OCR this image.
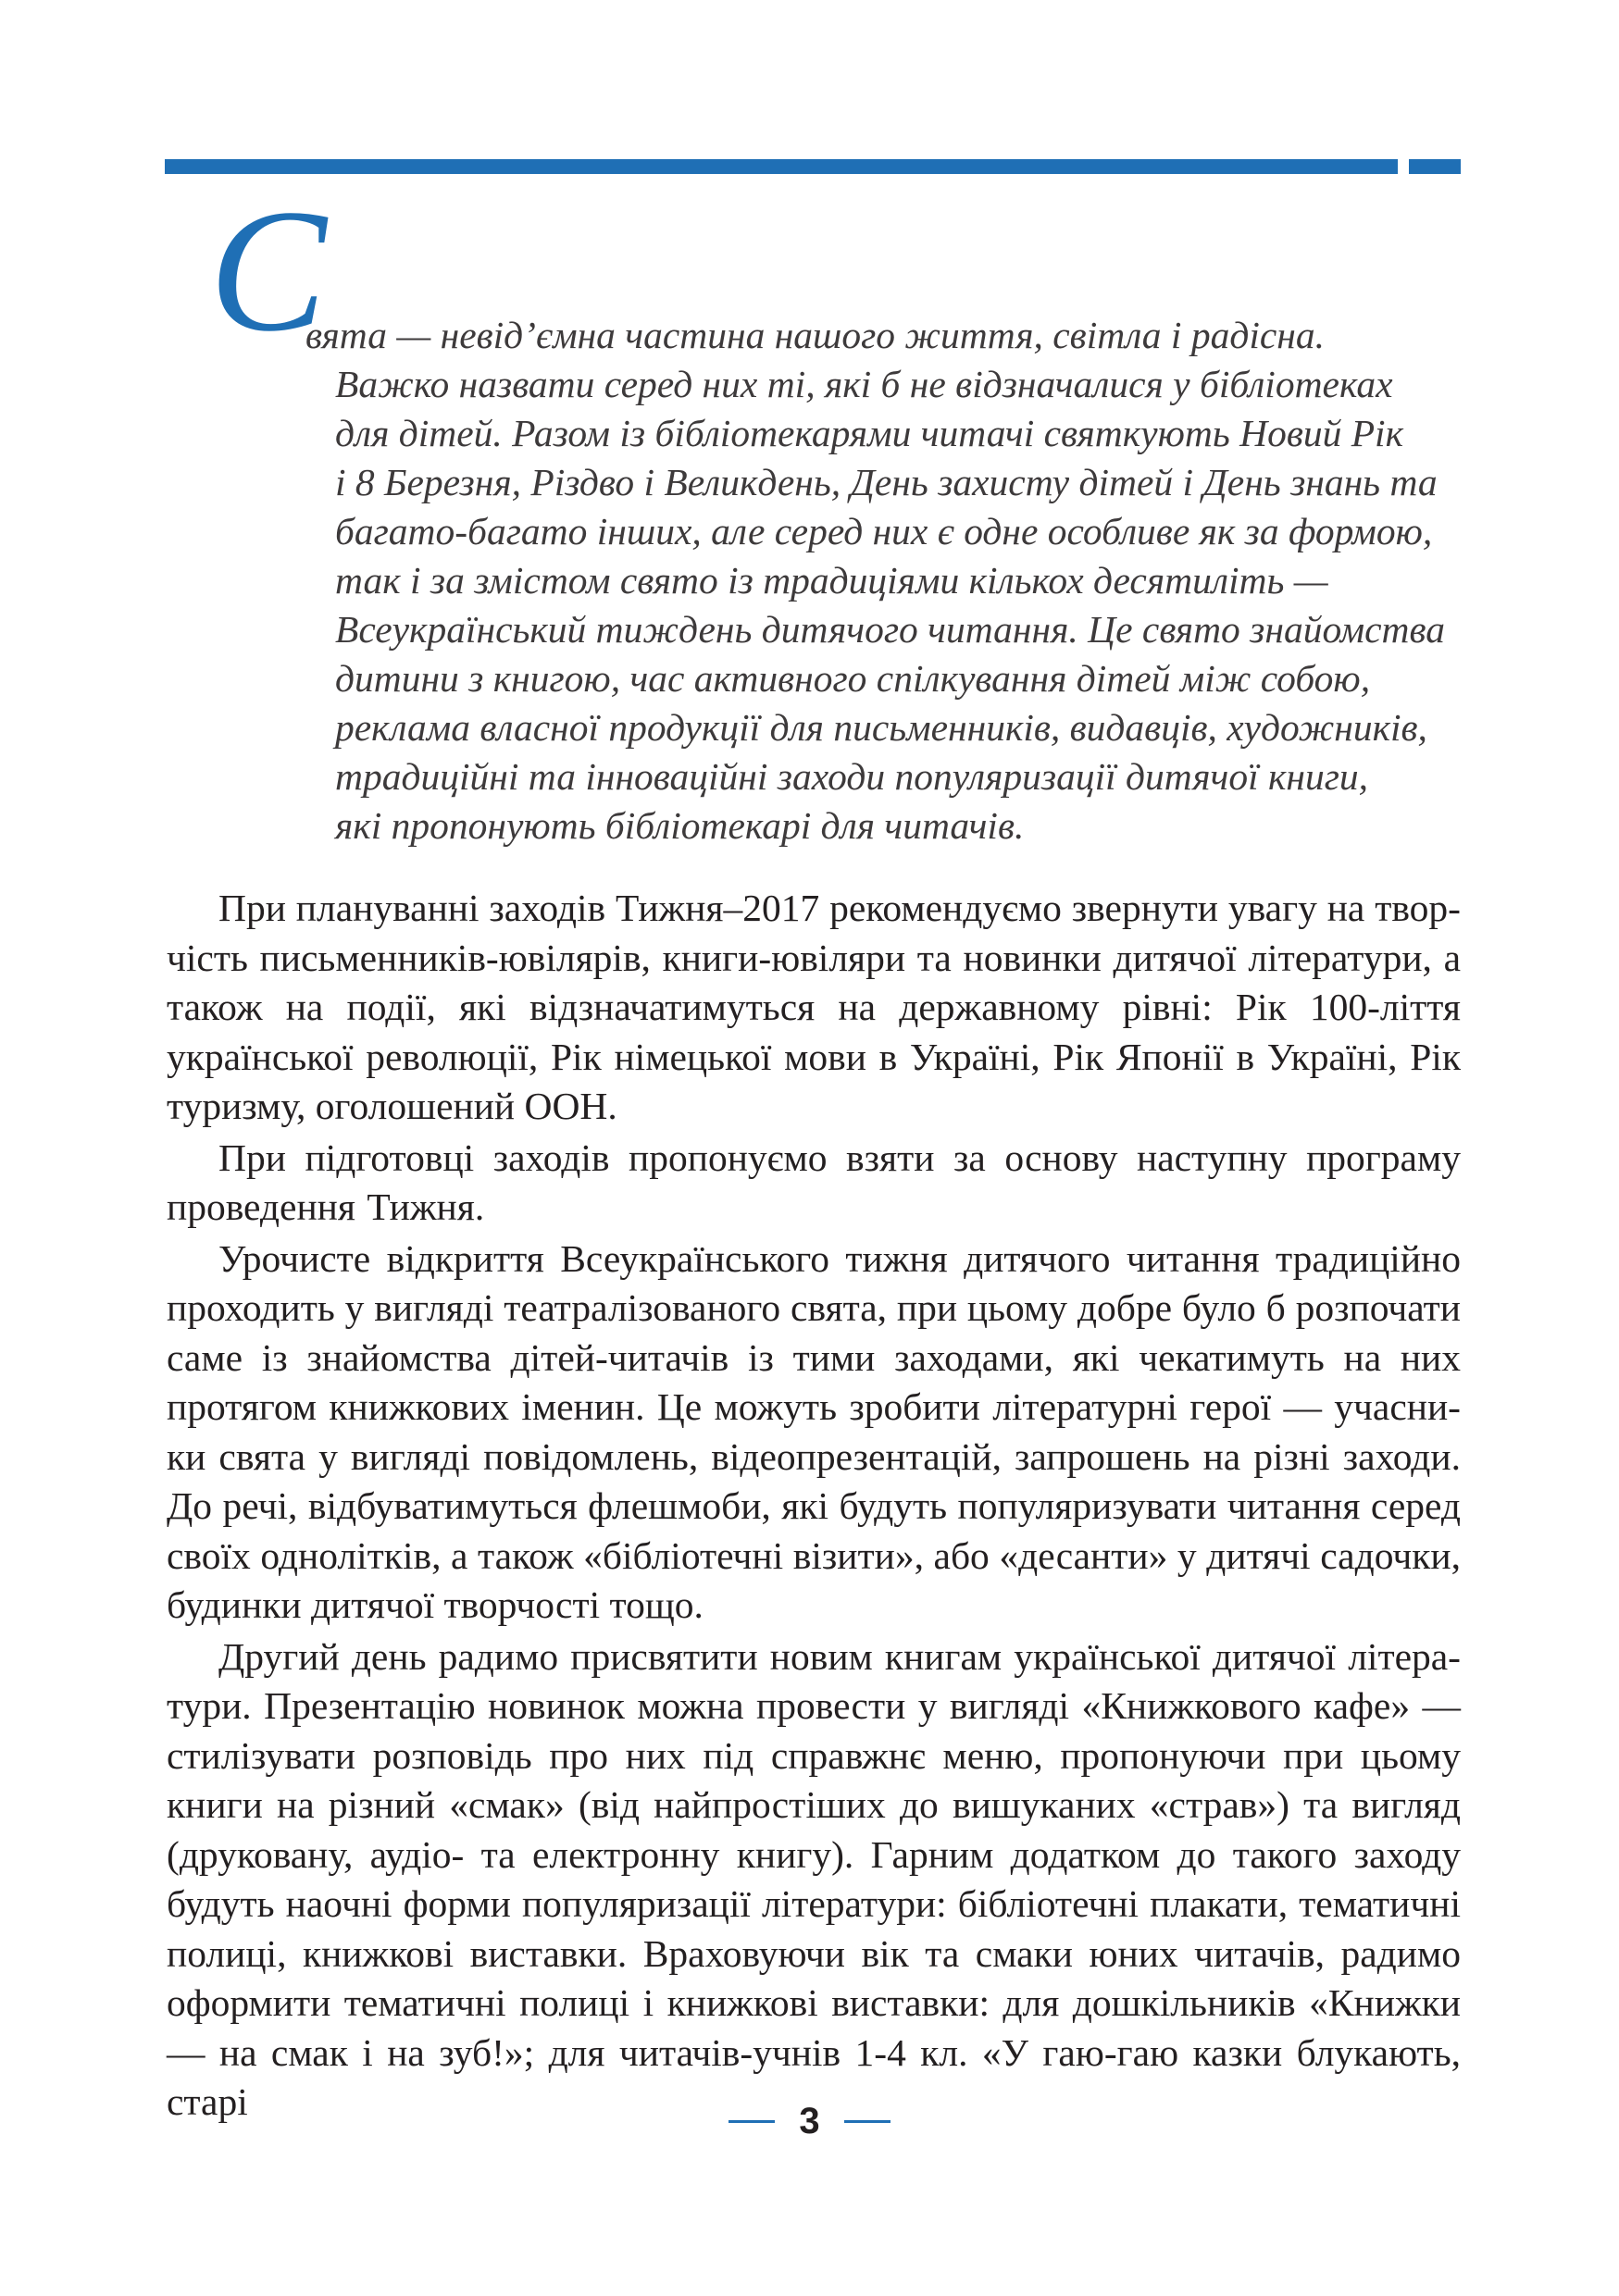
С
вята — невід’ємна частина нашого життя, світла і радісна.
Важко назвати серед них ті, які б не відзначалися у бібліотеках
для дітей. Разом із бібліотекарями читачі святкують Новий Рік
і 8 Березня, Різдво і Великдень, День захисту дітей і День знань та
багато-багато інших, але серед них є одне особливе як за формою,
так і за змістом свято із традиціями кількох десятиліть —
Всеукраїнський тиждень дитячого читання. Це свято знайомства
дитини з книгою, час активного спілкування дітей між собою,
реклама власної продукції для письменників, видавців, художників,
традиційні та інноваційні заходи популяризації дитячої книги,
які пропонують бібліотекарі для читачів.

При плануванні заходів Тижня–2017 рекомендуємо звернути увагу на творчість письменників-ювілярів, книги-ювіляри та новинки дитячої літератури, а також на події, які відзначатимуться на державному рівні: Рік 100-ліття української революції, Рік німецької мови в Україні, Рік Японії в Україні, Рік туризму, оголошений ООН.

При підготовці заходів пропонуємо взяти за основу наступну програму проведення Тижня.

Урочисте відкриття Всеукраїнського тижня дитячого читання традиційно проходить у вигляді театралізованого свята, при цьому добре було б розпочати саме із знайомства дітей-читачів із тими заходами, які чекатимуть на них протягом книжкових іменин. Це можуть зробити літературні герої — учасники свята у вигляді повідомлень, відеопрезентацій, запрошень на різні заходи. До речі, відбуватимуться флешмоби, які будуть популяризувати читання серед своїх однолітків, а також «бібліотечні візити», або «десанти» у дитячі садочки, будинки дитячої творчості тощо.

Другий день радимо присвятити новим книгам української дитячої літератури. Презентацію новинок можна провести у вигляді «Книжкового кафе» — стилізувати розповідь про них під справжнє меню, пропонуючи при цьому книги на різний «смак» (від найпростіших до вишуканих «страв») та вигляд (друковану, аудіо- та електронну книгу). Гарним додатком до такого заходу будуть наочні форми популяризації літератури: бібліотечні плакати, тематичні полиці, книжкові виставки. Враховуючи вік та смаки юних читачів, радимо оформити тематичні полиці і книжкові виставки: для дошкільників «Книжки — на смак і на зуб!»; для читачів-учнів 1-4 кл. «У гаю-гаю казки блукають, старі	3
